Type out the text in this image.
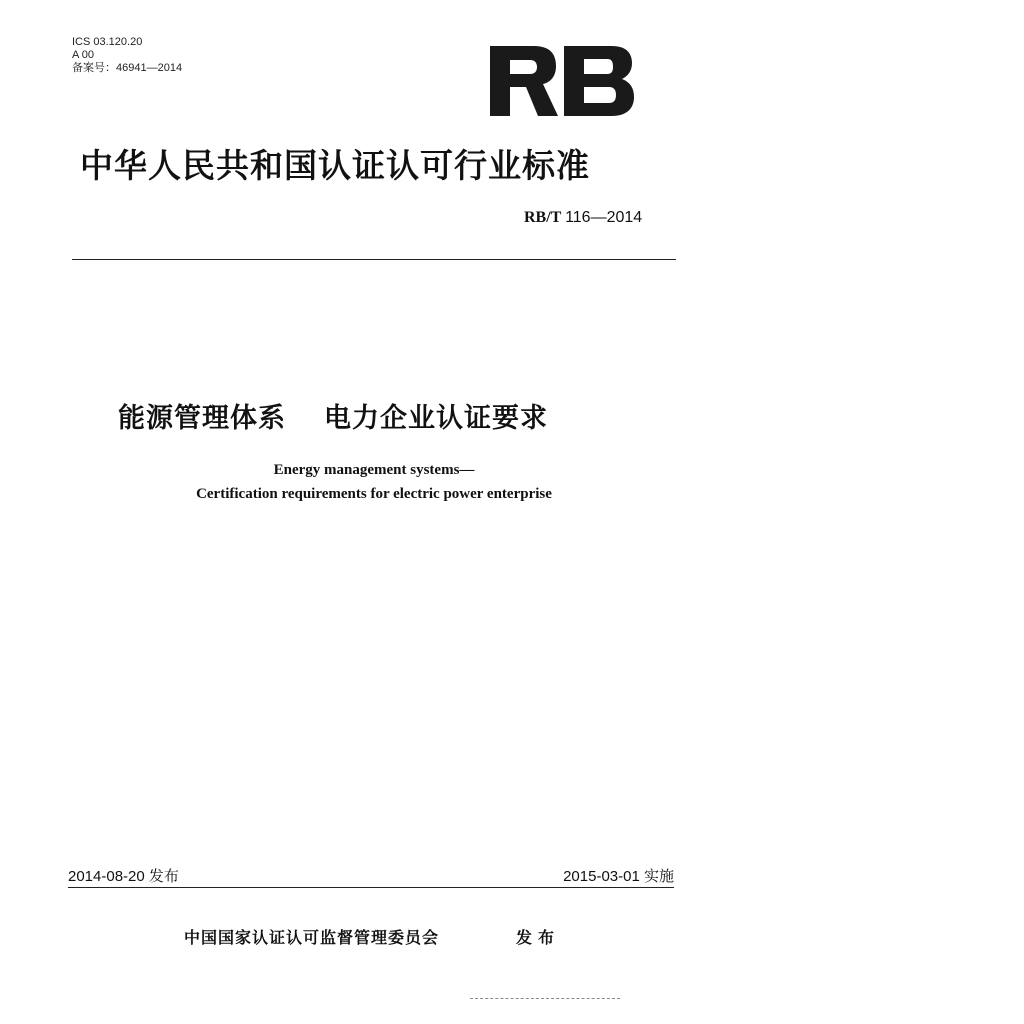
ICS 03.120.20
A 00
备案号：46941—2014
中华人民共和国认证认可行业标准
RB/T 116—2014
能源管理体系 电力企业认证要求
Energy management systems—
Certification requirements for electric power enterprise
2014-08-20 发布	2015-03-01 实施
中国国家认证认可监督管理委员会	发布
